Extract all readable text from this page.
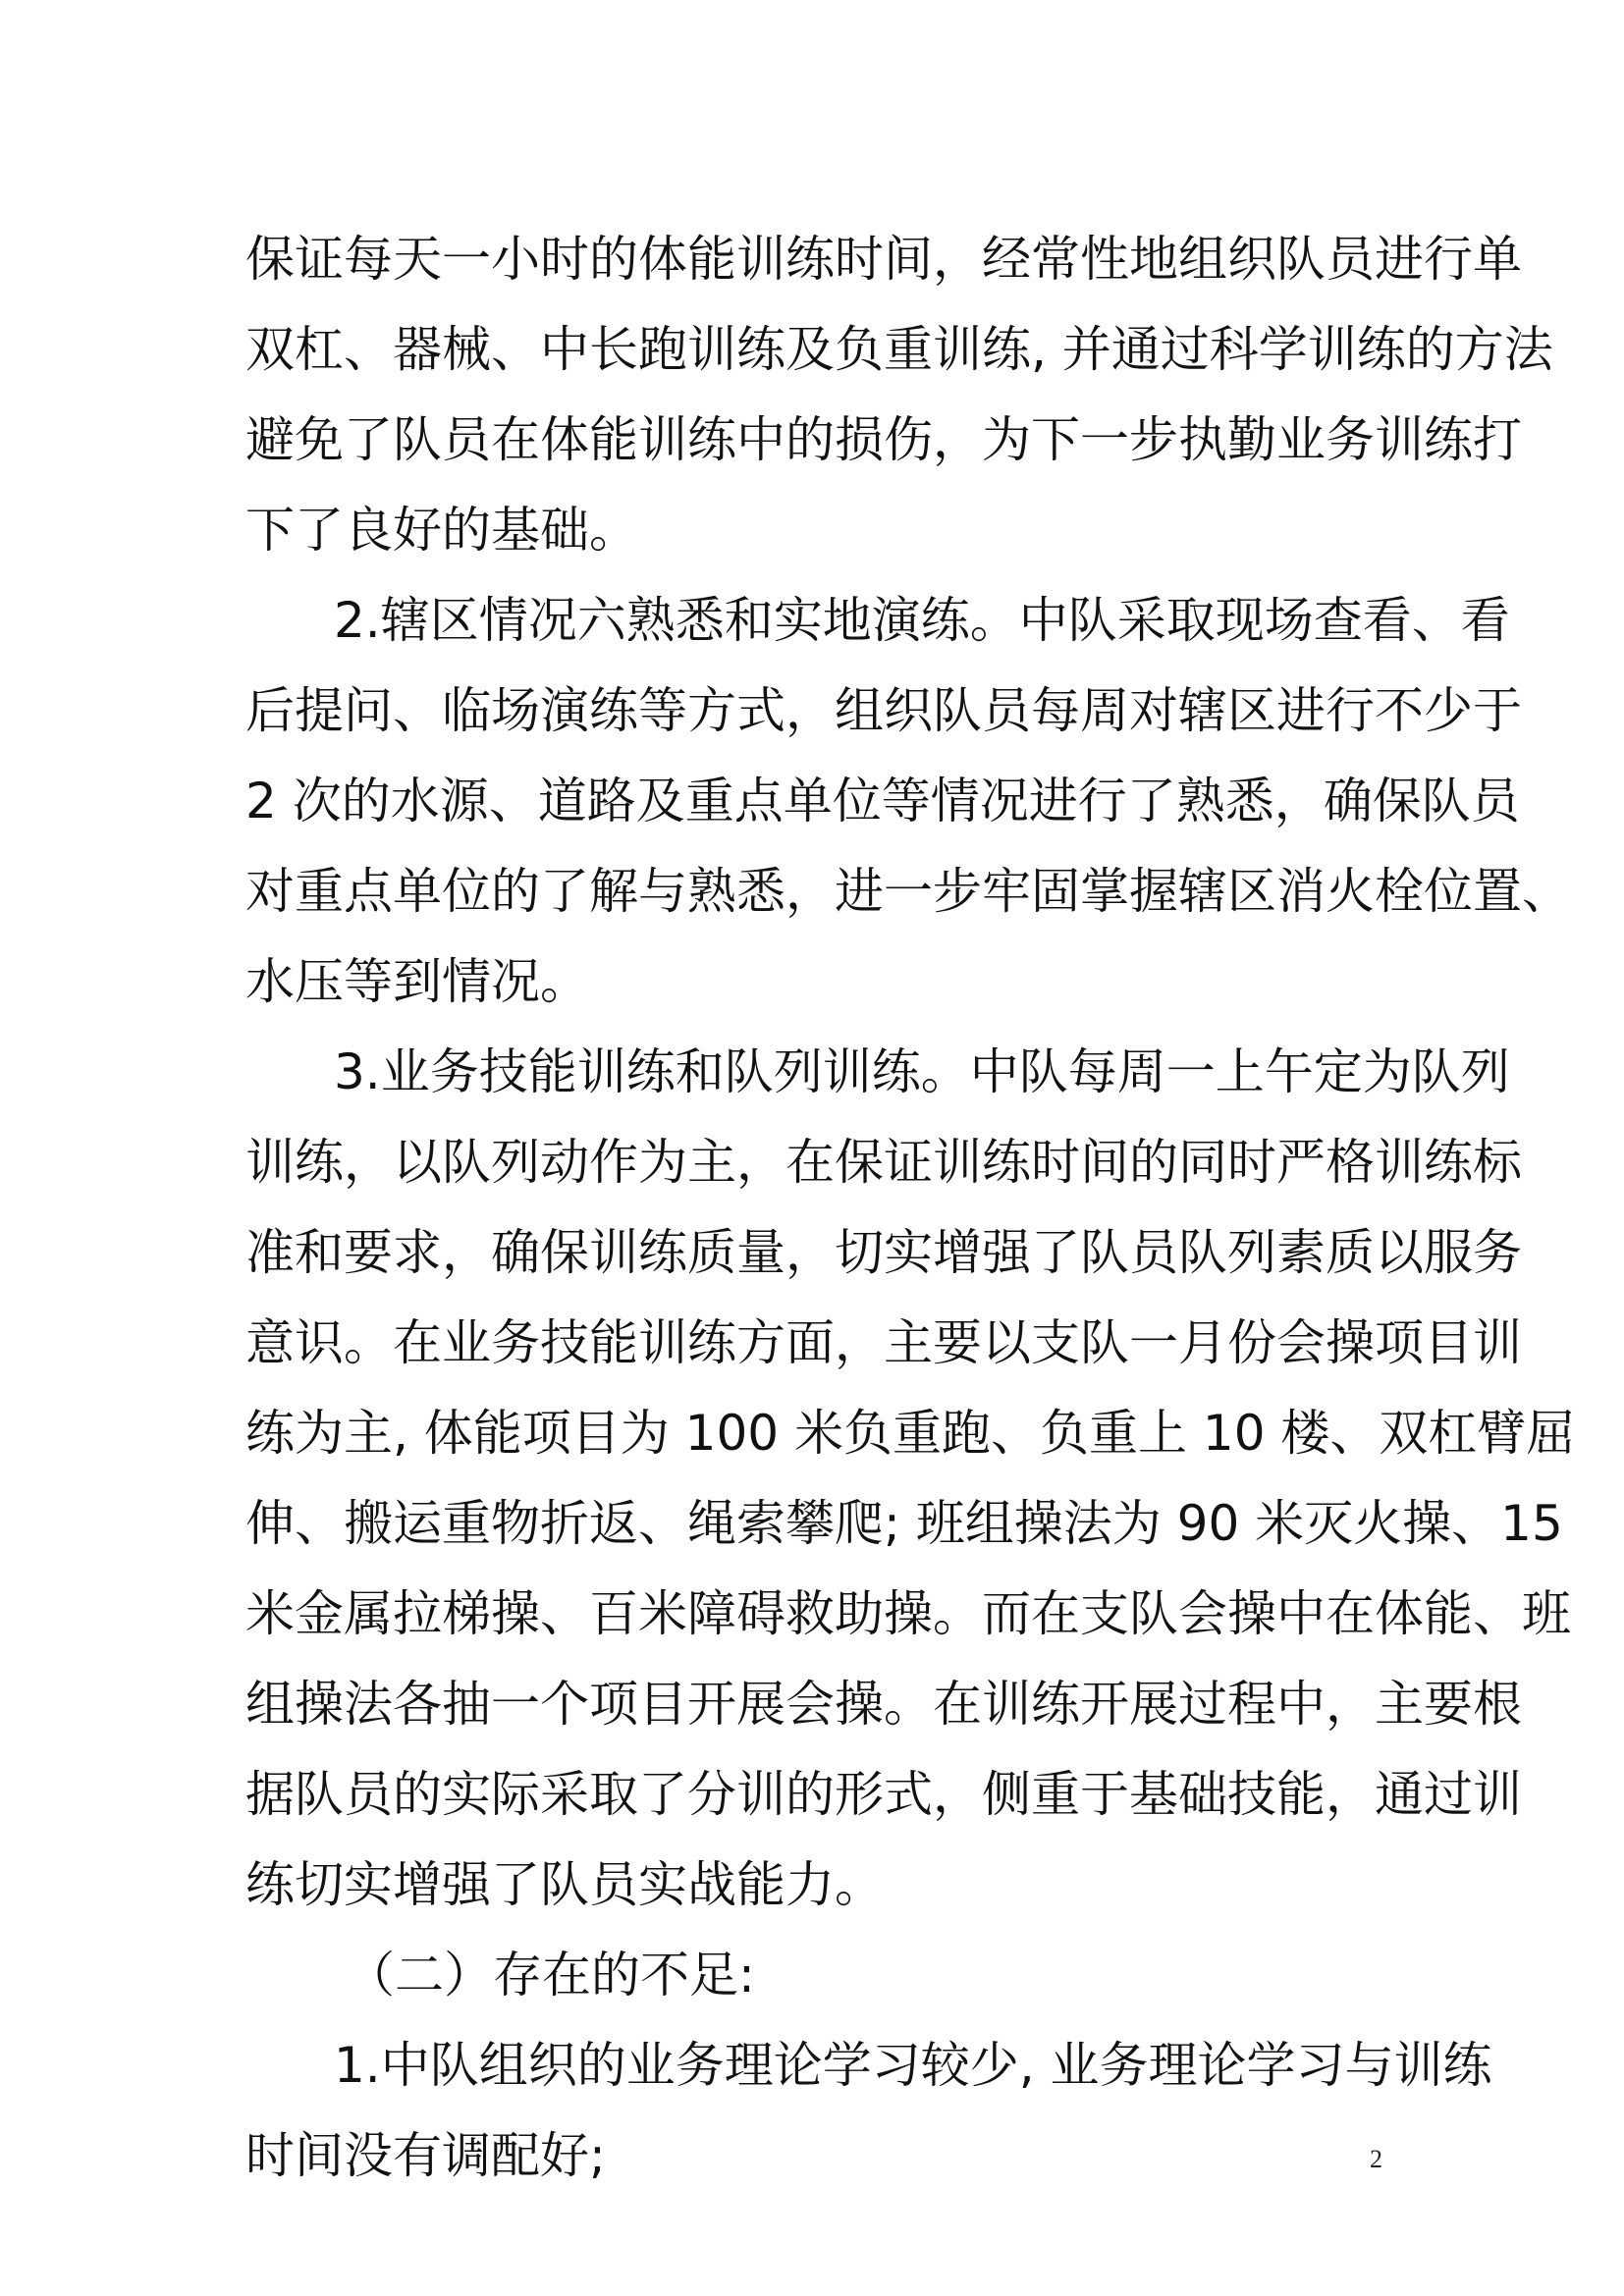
保证每天一小时的体能训练时间，经常性地组织队员进行单
双杠、器械、中长跑训练及负重训练, 并通过科学训练的方法
避免了队员在体能训练中的损伤，为下一步执勤业务训练打
下了良好的基础。
2.辖区情况六熟悉和实地演练。中队采取现场查看、看
后提问、临场演练等方式，组织队员每周对辖区进行不少于
2 次的水源、道路及重点单位等情况进行了熟悉，确保队员
对重点单位的了解与熟悉，进一步牢固掌握辖区消火栓位置、
水压等到情况。
3.业务技能训练和队列训练。中队每周一上午定为队列
训练，以队列动作为主，在保证训练时间的同时严格训练标
准和要求，确保训练质量，切实增强了队员队列素质以服务
意识。在业务技能训练方面，主要以支队一月份会操项目训
练为主, 体能项目为 100 米负重跑、负重上 10 楼、双杠臂屈
伸、搬运重物折返、绳索攀爬; 班组操法为 90 米灭火操、15
米金属拉梯操、百米障碍救助操。而在支队会操中在体能、班
组操法各抽一个项目开展会操。在训练开展过程中，主要根
据队员的实际采取了分训的形式，侧重于基础技能，通过训
练切实增强了队员实战能力。
（二）存在的不足:
1.中队组织的业务理论学习较少, 业务理论学习与训练
时间没有调配好;	2
